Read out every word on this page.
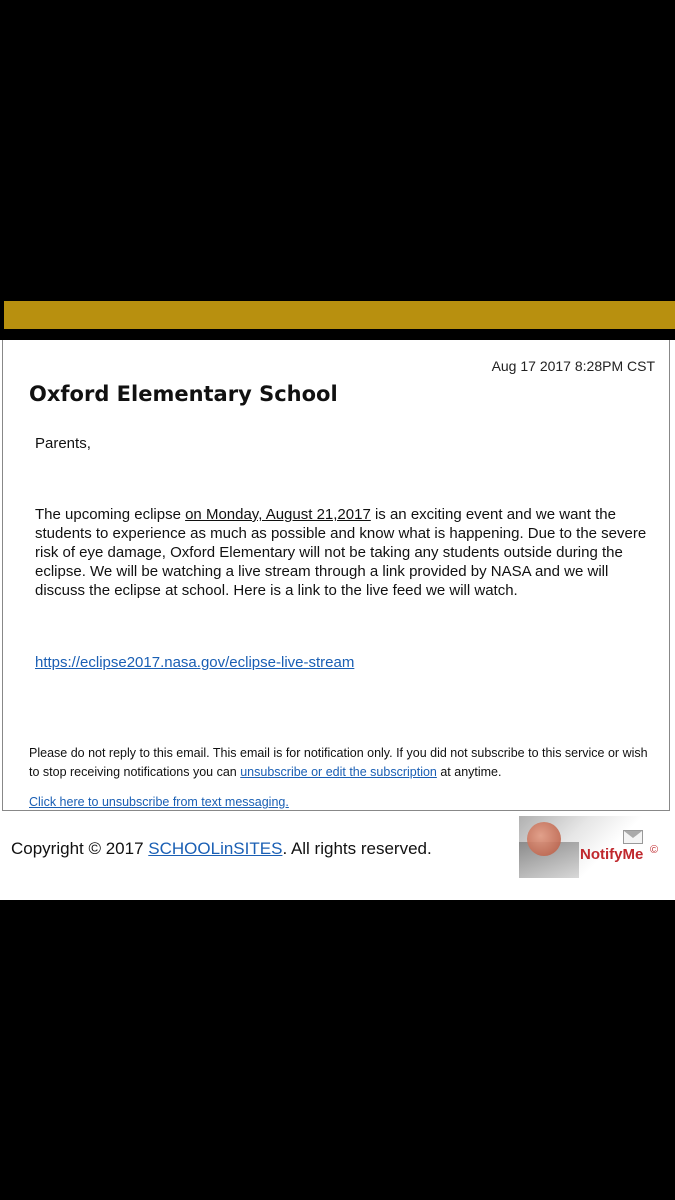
Aug 17 2017 8:28PM CST
Oxford Elementary School
Parents,
The upcoming eclipse on Monday, August 21,2017 is an exciting event and we want the students to experience as much as possible and know what is happening. Due to the severe risk of eye damage, Oxford Elementary will not be taking any students outside during the eclipse. We will be watching a live stream through a link provided by NASA and we will discuss the eclipse at school. Here is a link to the live feed we will watch.
https://eclipse2017.nasa.gov/eclipse-live-stream
Please do not reply to this email. This email is for notification only. If you did not subscribe to this service or wish to stop receiving notifications you can unsubscribe or edit the subscription at anytime.
Click here to unsubscribe from text messaging.
Copyright © 2017 SCHOOLinSITES. All rights reserved.	NotifyMe ©
